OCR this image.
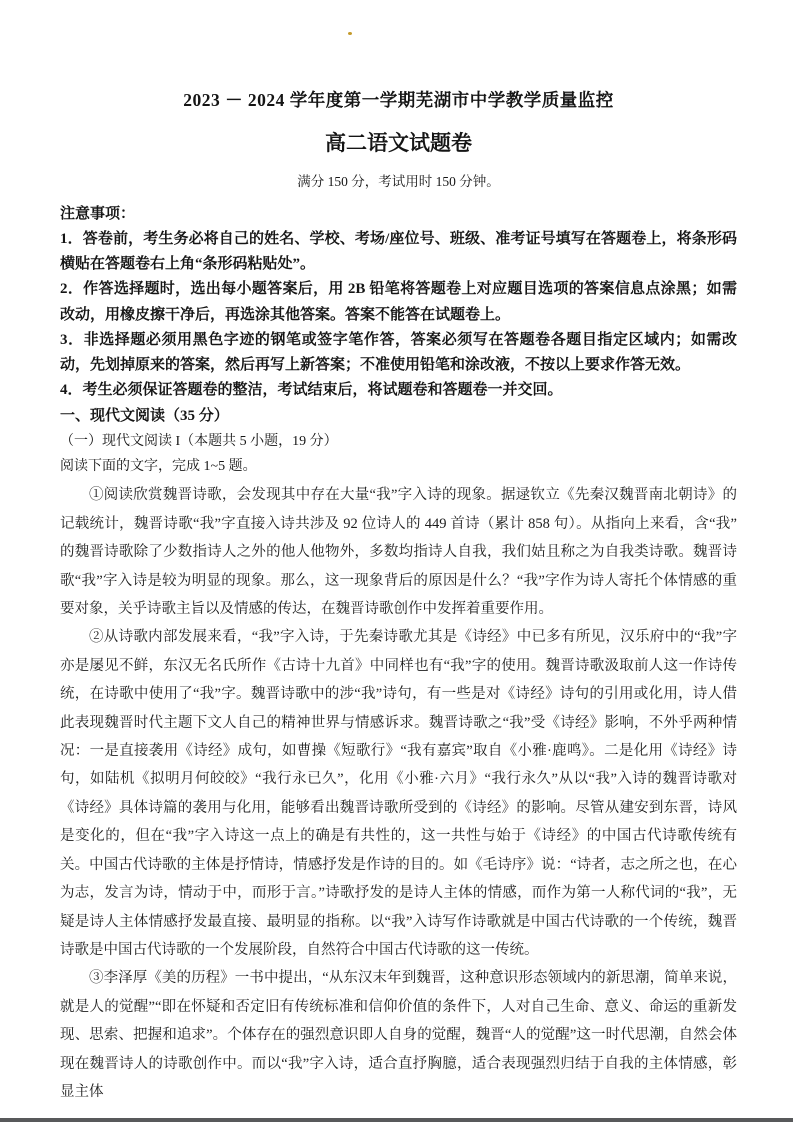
2023 － 2024 学年度第一学期芜湖市中学教学质量监控
高二语文试题卷

满分 150 分，考试用时 150 分钟。

注意事项：

1．答卷前，考生务必将自己的姓名、学校、考场/座位号、班级、准考证号填写在答题卷上，将条形码横贴在答题卷右上角“条形码粘贴处”。

2．作答选择题时，选出每小题答案后，用 2B 铅笔将答题卷上对应题目选项的答案信息点涂黑；如需改动，用橡皮擦干净后，再选涂其他答案。答案不能答在试题卷上。

3．非选择题必须用黑色字迹的钢笔或签字笔作答，答案必须写在答题卷各题目指定区域内；如需改动，先划掉原来的答案，然后再写上新答案；不准使用铅笔和涂改液，不按以上要求作答无效。

4．考生必须保证答题卷的整洁，考试结束后，将试题卷和答题卷一并交回。

一、现代文阅读（35 分）

（一）现代文阅读 I（本题共 5 小题，19 分）

阅读下面的文字，完成 1~5 题。

①阅读欣赏魏晋诗歌，会发现其中存在大量“我”字入诗的现象。据逯钦立《先秦汉魏晋南北朝诗》的记载统计，魏晋诗歌“我”字直接入诗共涉及 92 位诗人的 449 首诗（累计 858 句）。从指向上来看，含“我”的魏晋诗歌除了少数指诗人之外的他人他物外，多数均指诗人自我，我们姑且称之为自我类诗歌。魏晋诗歌“我”字入诗是较为明显的现象。那么，这一现象背后的原因是什么？“我”字作为诗人寄托个体情感的重要对象，关乎诗歌主旨以及情感的传达，在魏晋诗歌创作中发挥着重要作用。

②从诗歌内部发展来看，“我”字入诗，于先秦诗歌尤其是《诗经》中已多有所见，汉乐府中的“我”字亦是屡见不鲜，东汉无名氏所作《古诗十九首》中同样也有“我”字的使用。魏晋诗歌汲取前人这一作诗传统，在诗歌中使用了“我”字。魏晋诗歌中的涉“我”诗句，有一些是对《诗经》诗句的引用或化用，诗人借此表现魏晋时代主题下文人自己的精神世界与情感诉求。魏晋诗歌之“我”受《诗经》影响，不外乎两种情况：一是直接袭用《诗经》成句，如曹操《短歌行》“我有嘉宾”取自《小雅·鹿鸣》。二是化用《诗经》诗句，如陆机《拟明月何皎皎》“我行永已久”，化用《小雅·六月》“我行永久”从以“我”入诗的魏晋诗歌对《诗经》具体诗篇的袭用与化用，能够看出魏晋诗歌所受到的《诗经》的影响。尽管从建安到东晋，诗风是变化的，但在“我”字入诗这一点上的确是有共性的，这一共性与始于《诗经》的中国古代诗歌传统有关。中国古代诗歌的主体是抒情诗，情感抒发是作诗的目的。如《毛诗序》说：“诗者，志之所之也，在心为志，发言为诗，情动于中，而形于言。”诗歌抒发的是诗人主体的情感，而作为第一人称代词的“我”，无疑是诗人主体情感抒发最直接、最明显的指称。以“我”入诗写作诗歌就是中国古代诗歌的一个传统，魏晋诗歌是中国古代诗歌的一个发展阶段，自然符合中国古代诗歌的这一传统。

③李泽厚《美的历程》一书中提出，“从东汉末年到魏晋，这种意识形态领域内的新思潮，简单来说，就是人的觉醒”“即在怀疑和否定旧有传统标准和信仰价值的条件下，人对自己生命、意义、命运的重新发现、思索、把握和追求”。个体存在的强烈意识即人自身的觉醒，魏晋“人的觉醒”这一时代思潮，自然会体现在魏晋诗人的诗歌创作中。而以“我”字入诗，适合直抒胸臆，适合表现强烈归结于自我的主体情感，彰显主体
